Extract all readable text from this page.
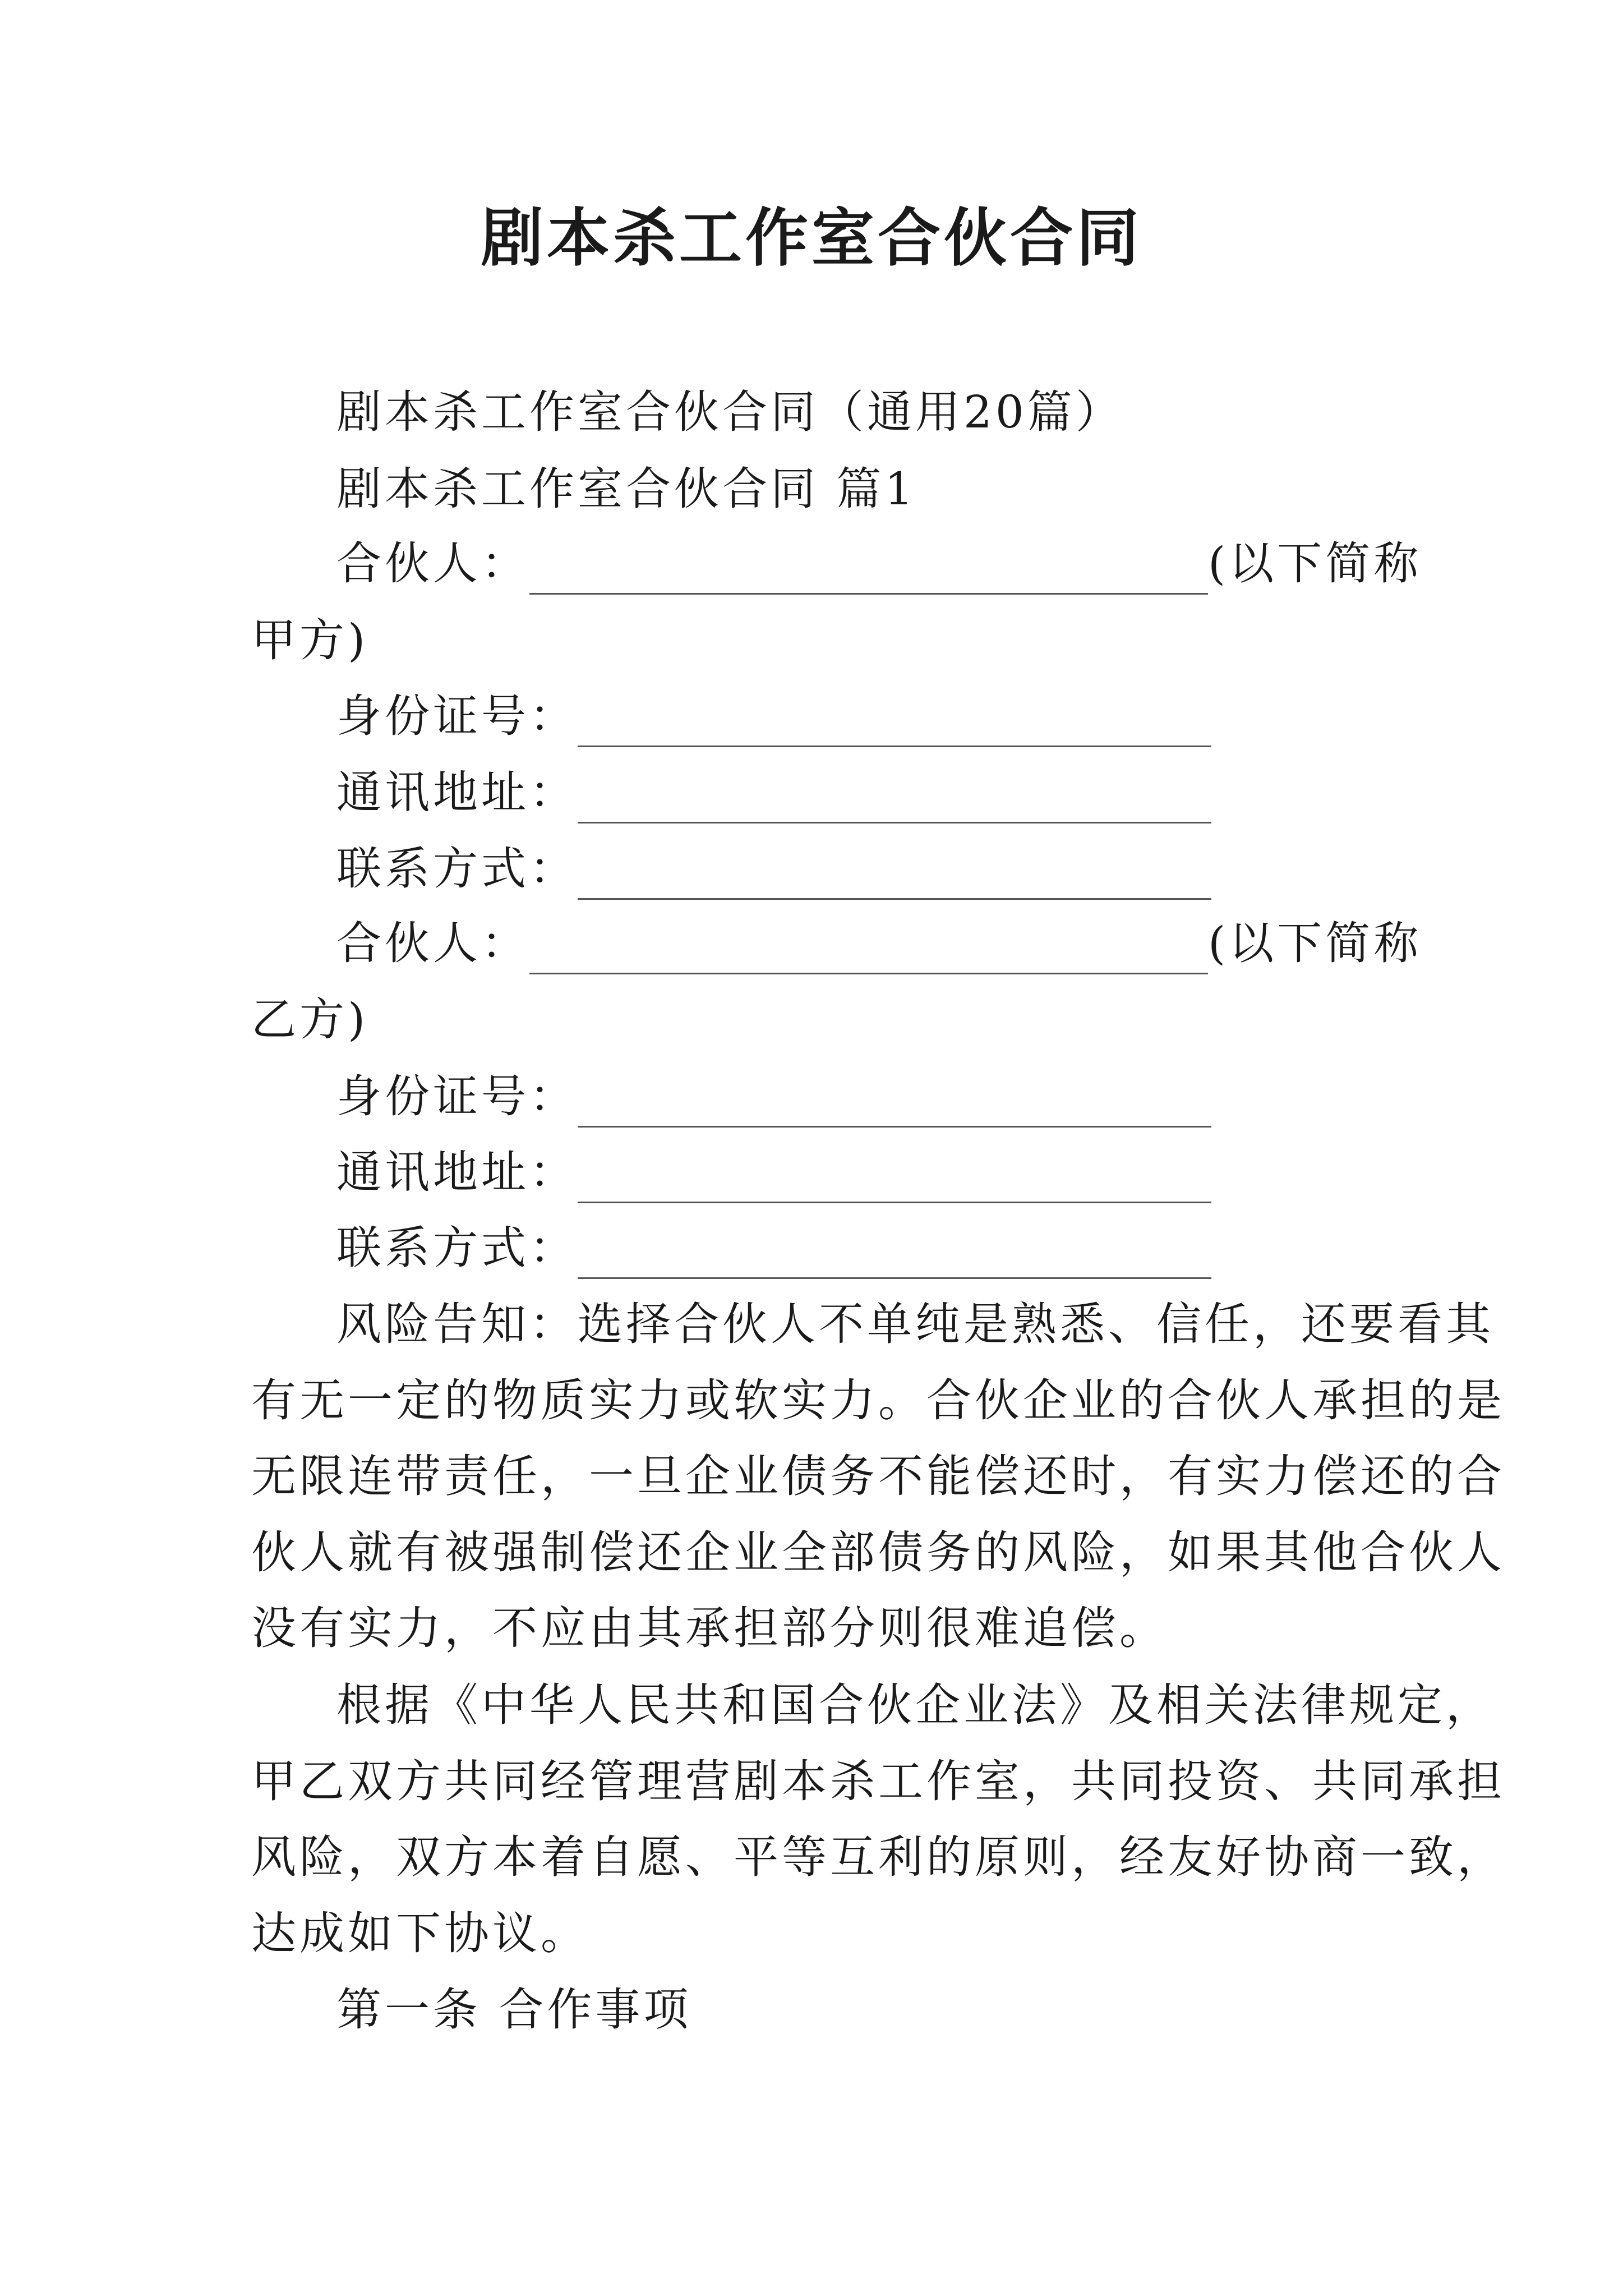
剧本杀工作室合伙合同
剧本杀工作室合伙合同（通用20篇）
剧本杀工作室合伙合同 篇1
合伙人：	(以下简称
甲方)
身份证号：
通讯地址：
联系方式：
合伙人：	(以下简称
乙方)
身份证号：
通讯地址：
联系方式：
风险告知：选择合伙人不单纯是熟悉、信任，还要看其
有无一定的物质实力或软实力。合伙企业的合伙人承担的是
无限连带责任，一旦企业债务不能偿还时，有实力偿还的合
伙人就有被强制偿还企业全部债务的风险，如果其他合伙人
没有实力，不应由其承担部分则很难追偿。
根据《中华人民共和国合伙企业法》及相关法律规定，
甲乙双方共同经管理营剧本杀工作室，共同投资、共同承担
风险，双方本着自愿、平等互利的原则，经友好协商一致，
达成如下协议。
第一条 合作事项
